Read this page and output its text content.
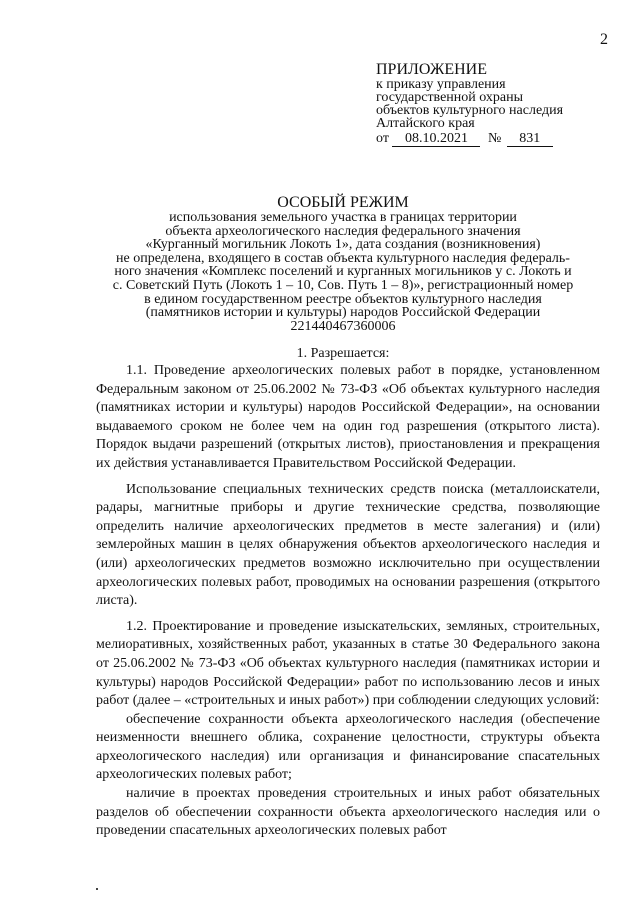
2
ПРИЛОЖЕНИЕ
к приказу управления
государственной охраны
объектов культурного наследия
Алтайского края
от 08.10.2021 № 831
ОСОБЫЙ РЕЖИМ
использования земельного участка в границах территории
объекта археологического наследия федерального значения
«Курганный могильник Локоть 1», дата создания (возникновения)
не определена, входящего в состав объекта культурного наследия федераль-
ного значения «Комплекс поселений и курганных могильников у с. Локоть и
с. Советский Путь (Локоть 1 – 10, Сов. Путь 1 – 8)», регистрационный номер
в едином государственном реестре объектов культурного наследия
(памятников истории и культуры) народов Российской Федерации
221440467360006
1. Разрешается:

1.1. Проведение археологических полевых работ в порядке, установленном Федеральным законом от 25.06.2002 № 73-ФЗ «Об объектах культурного наследия (памятниках истории и культуры) народов Российской Федерации», на основании выдаваемого сроком не более чем на один год разрешения (открытого листа). Порядок выдачи разрешений (открытых листов), приостановления и прекращения их действия устанавливается Правительством Российской Федерации.

Использование специальных технических средств поиска (металлоискатели, радары, магнитные приборы и другие технические средства, позволяющие определить наличие археологических предметов в месте залегания) и (или) землеройных машин в целях обнаружения объектов археологического наследия и (или) археологических предметов возможно исключительно при осуществлении археологических полевых работ, проводимых на основании разрешения (открытого листа).

1.2. Проектирование и проведение изыскательских, земляных, строительных, мелиоративных, хозяйственных работ, указанных в статье 30 Федерального закона от 25.06.2002 № 73-ФЗ «Об объектах культурного наследия (памятниках истории и культуры) народов Российской Федерации» работ по использованию лесов и иных работ (далее – «строительных и иных работ») при соблюдении следующих условий:

обеспечение сохранности объекта археологического наследия (обеспечение неизменности внешнего облика, сохранение целостности, структуры объекта археологического наследия) или организация и финансирование спасательных археологических полевых работ;

наличие в проектах проведения строительных и иных работ обязательных разделов об обеспечении сохранности объекта археологического наследия или о проведении спасательных археологических полевых работ
